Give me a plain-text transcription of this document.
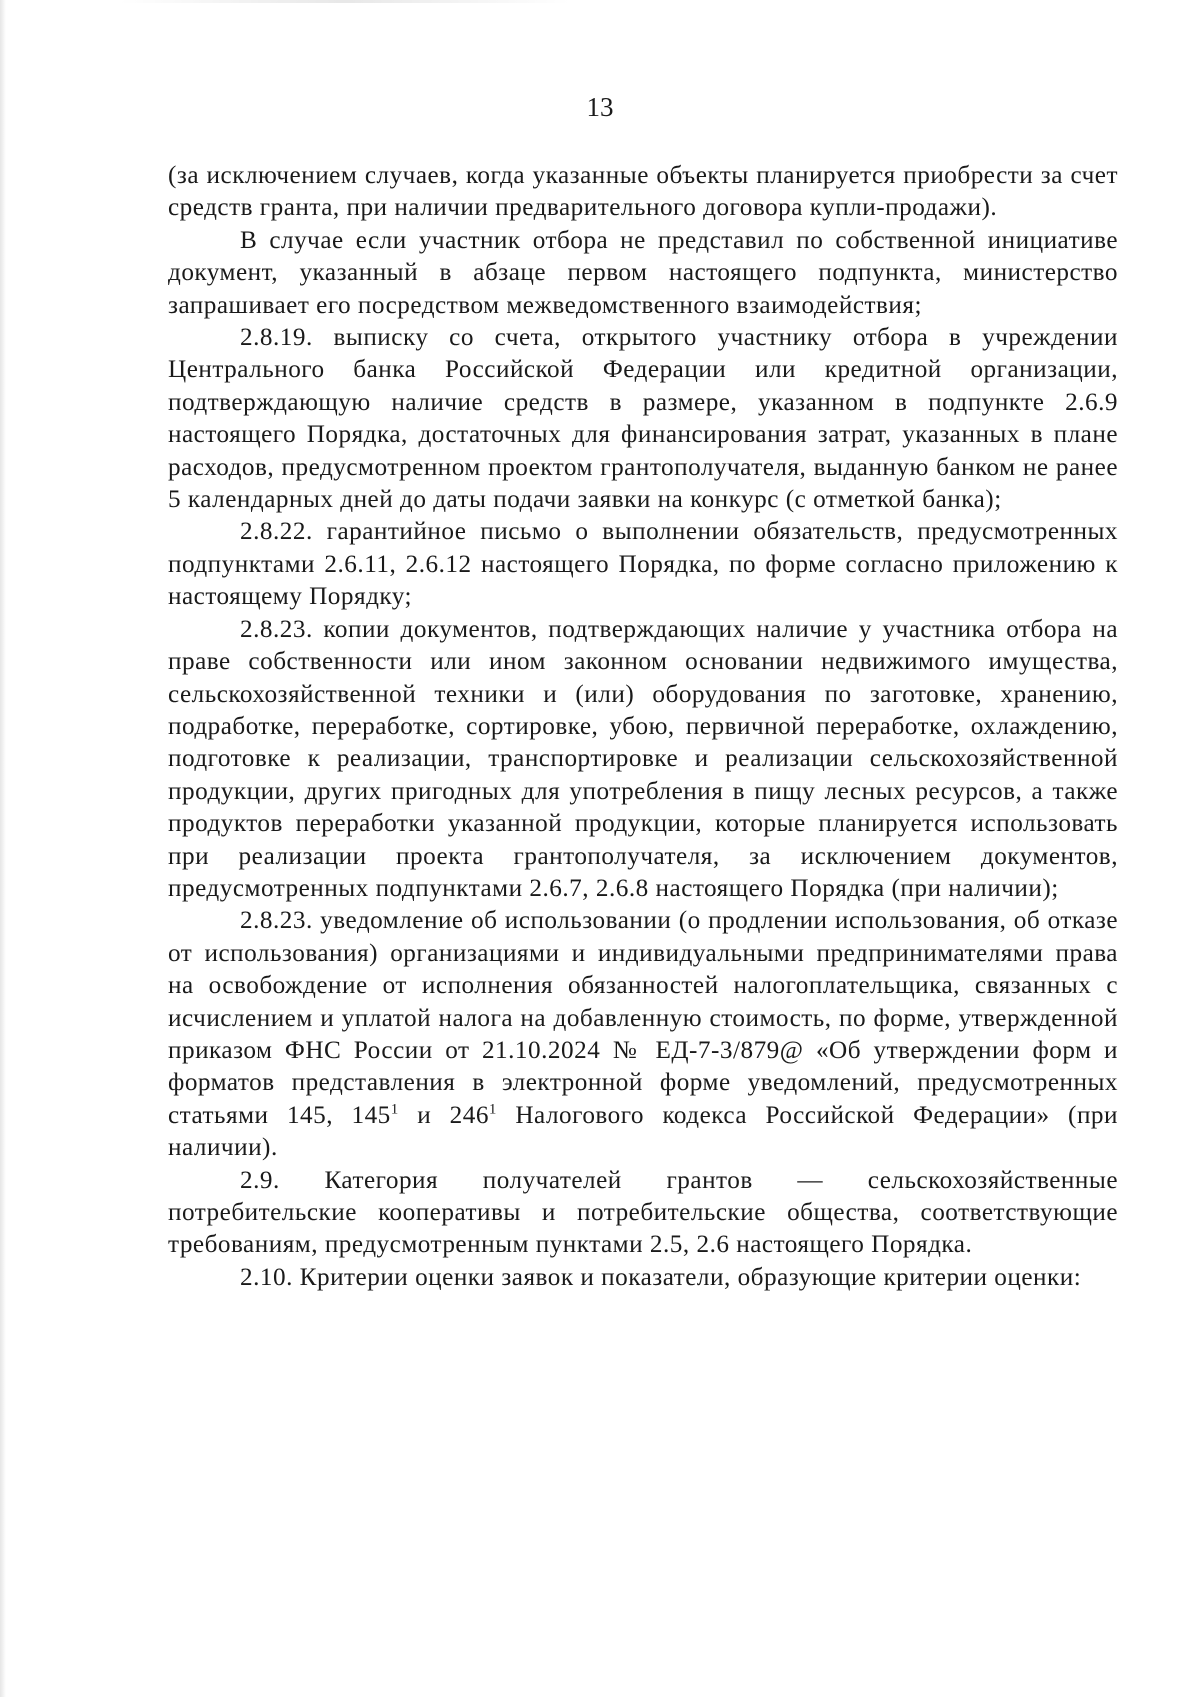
13

(за исключением случаев, когда указанные объекты планируется приобрести за счет средств гранта, при наличии предварительного договора купли-продажи).

В случае если участник отбора не представил по собственной инициативе документ, указанный в абзаце первом настоящего подпункта, министерство запрашивает его посредством межведомственного взаимодействия;

2.8.19. выписку со счета, открытого участнику отбора в учреждении Центрального банка Российской Федерации или кредитной организации, подтверждающую наличие средств в размере, указанном в подпункте 2.6.9 настоящего Порядка, достаточных для финансирования затрат, указанных в плане расходов, предусмотренном проектом грантополучателя, выданную банком не ранее 5 календарных дней до даты подачи заявки на конкурс (с отметкой банка);

2.8.22. гарантийное письмо о выполнении обязательств, предусмотренных подпунктами 2.6.11, 2.6.12 настоящего Порядка, по форме согласно приложению к настоящему Порядку;

2.8.23. копии документов, подтверждающих наличие у участника отбора на праве собственности или ином законном основании недвижимого имущества, сельскохозяйственной техники и (или) оборудования по заготовке, хранению, подработке, переработке, сортировке, убою, первичной переработке, охлаждению, подготовке к реализации, транспортировке и реализации сельскохозяйственной продукции, других пригодных для употребления в пищу лесных ресурсов, а также продуктов переработки указанной продукции, которые планируется использовать при реализации проекта грантополучателя, за исключением документов, предусмотренных подпунктами 2.6.7, 2.6.8 настоящего Порядка (при наличии);

2.8.23. уведомление об использовании (о продлении использования, об отказе от использования) организациями и индивидуальными предпринимателями права на освобождение от исполнения обязанностей налогоплательщика, связанных с исчислением и уплатой налога на добавленную стоимость, по форме, утвержденной приказом ФНС России от 21.10.2024 № ЕД-7-3/879@ «Об утверждении форм и форматов представления в электронной форме уведомлений, предусмотренных статьями 145, $145^1$ и $246^1$ Налогового кодекса Российской Федерации» (при наличии).

2.9. Категория получателей грантов — сельскохозяйственные потребительские кооперативы и потребительские общества, соответствующие требованиям, предусмотренным пунктами 2.5, 2.6 настоящего Порядка.

2.10. Критерии оценки заявок и показатели, образующие критерии оценки:
